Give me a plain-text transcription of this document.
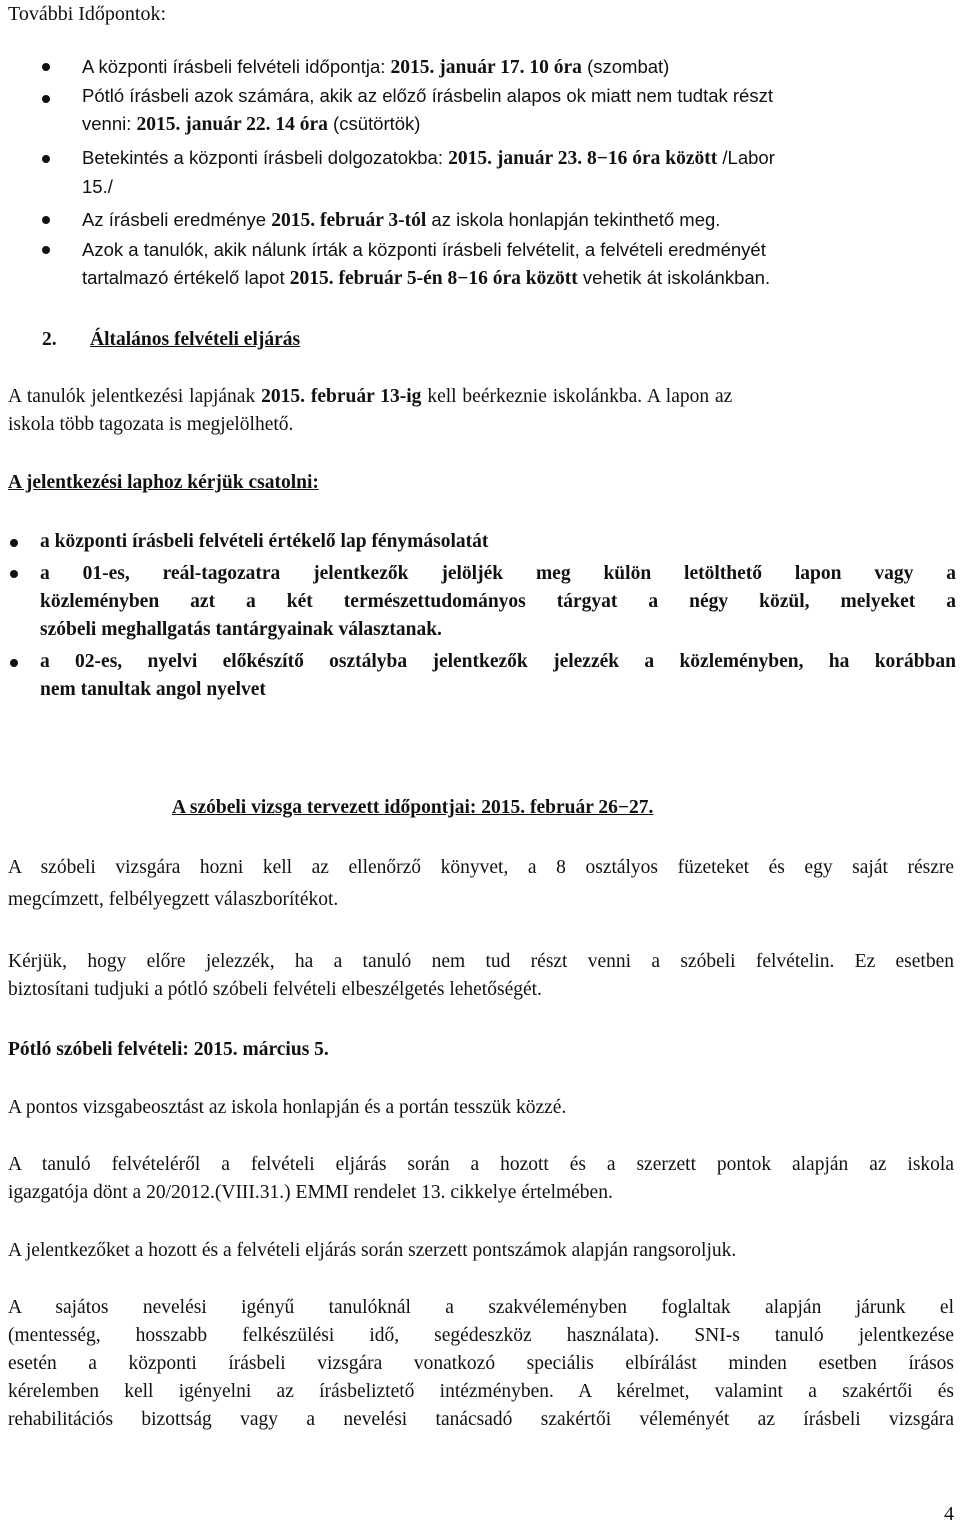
További Időpontok:
A központi írásbeli felvételi időpontja: 2015. január 17. 10 óra (szombat)
Pótló írásbeli azok számára, akik az előző írásbelin alapos ok miatt nem tudtak részt
venni: 2015. január 22. 14 óra (csütörtök)
Betekintés a központi írásbeli dolgozatokba: 2015. január 23. 8−16 óra között /Labor
15./
Az írásbeli eredménye 2015. február 3-tól az iskola honlapján tekinthető meg.
Azok a tanulók, akik nálunk írták a központi írásbeli felvételit, a felvételi eredményét
tartalmazó értékelő lapot 2015. február 5-én 8−16 óra között vehetik át iskolánkban.
2. Általános felvételi eljárás
A tanulók jelentkezési lapjának 2015. február 13-ig kell beérkeznie iskolánkba. A lapon az
iskola több tagozata is megjelölhető.
A jelentkezési laphoz kérjük csatolni:
a központi írásbeli felvételi értékelő lap fénymásolatát
a 01-es, reál-tagozatra jelentkezők jelöljék meg külön letölthető lapon vagy a
közleményben azt a két természettudományos tárgyat a négy közül, melyeket a
szóbeli meghallgatás tantárgyainak választanak.
a 02-es, nyelvi előkészítő osztályba jelentkezők jelezzék a közleményben, ha korábban
nem tanultak angol nyelvet
A szóbeli vizsga tervezett időpontjai: 2015. február 26−27.
A szóbeli vizsgára hozni kell az ellenőrző könyvet, a 8 osztályos füzeteket és egy saját részre
megcímzett, felbélyegzett válaszborítékot.
Kérjük, hogy előre jelezzék, ha a tanuló nem tud részt venni a szóbeli felvételin. Ez esetben
biztosítani tudjuki a pótló szóbeli felvételi elbeszélgetés lehetőségét.
Pótló szóbeli felvételi: 2015. március 5.
A pontos vizsgabeosztást az iskola honlapján és a portán tesszük közzé.
A tanuló felvételéről a felvételi eljárás során a hozott és a szerzett pontok alapján az iskola
igazgatója dönt a 20/2012.(VIII.31.) EMMI rendelet 13. cikkelye értelmében.
A jelentkezőket a hozott és a felvételi eljárás során szerzett pontszámok alapján rangsoroljuk.
A sajátos nevelési igényű tanulóknál a szakvéleményben foglaltak alapján járunk el
(mentesség, hosszabb felkészülési idő, segédeszköz használata). SNI-s tanuló jelentkezése
esetén a központi írásbeli vizsgára vonatkozó speciális elbírálást minden esetben írásos
kérelemben kell igényelni az írásbeliztető intézményben. A kérelmet, valamint a szakértői és
rehabilitációs bizottság vagy a nevelési tanácsadó szakértői véleményét az írásbeli vizsgára
4
